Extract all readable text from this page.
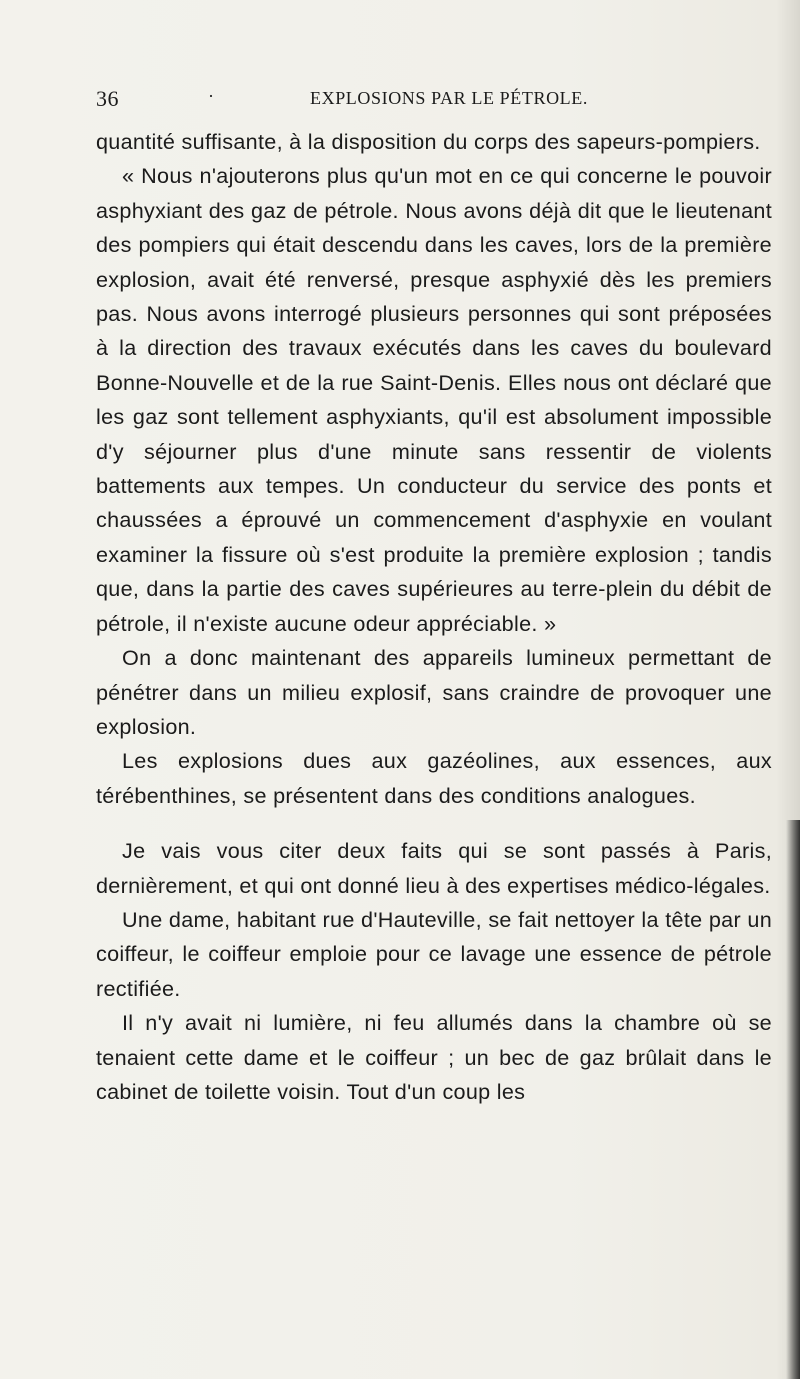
36	·	EXPLOSIONS PAR LE PÉTROLE.

quantité suffisante, à la disposition du corps des sapeurs-pompiers.

« Nous n'ajouterons plus qu'un mot en ce qui concerne le pouvoir asphyxiant des gaz de pétrole. Nous avons déjà dit que le lieutenant des pompiers qui était descendu dans les caves, lors de la première explosion, avait été renversé, presque asphyxié dès les premiers pas. Nous avons interrogé plusieurs personnes qui sont préposées à la direction des travaux exécutés dans les caves du boulevard Bonne-Nouvelle et de la rue Saint-Denis. Elles nous ont déclaré que les gaz sont tellement asphyxiants, qu'il est absolument impossible d'y séjourner plus d'une minute sans ressentir de violents battements aux tempes. Un conducteur du service des ponts et chaussées a éprouvé un commencement d'asphyxie en voulant examiner la fissure où s'est produite la première explosion ; tandis que, dans la partie des caves supérieures au terre-plein du débit de pétrole, il n'existe aucune odeur appréciable. »

On a donc maintenant des appareils lumineux permettant de pénétrer dans un milieu explosif, sans craindre de provoquer une explosion.

Les explosions dues aux gazéolines, aux essences, aux térébenthines, se présentent dans des conditions analogues.

Je vais vous citer deux faits qui se sont passés à Paris, dernièrement, et qui ont donné lieu à des expertises médico-légales.

Une dame, habitant rue d'Hauteville, se fait nettoyer la tête par un coiffeur, le coiffeur emploie pour ce lavage une essence de pétrole rectifiée.

Il n'y avait ni lumière, ni feu allumés dans la chambre où se tenaient cette dame et le coiffeur ; un bec de gaz brûlait dans le cabinet de toilette voisin. Tout d'un coup les
